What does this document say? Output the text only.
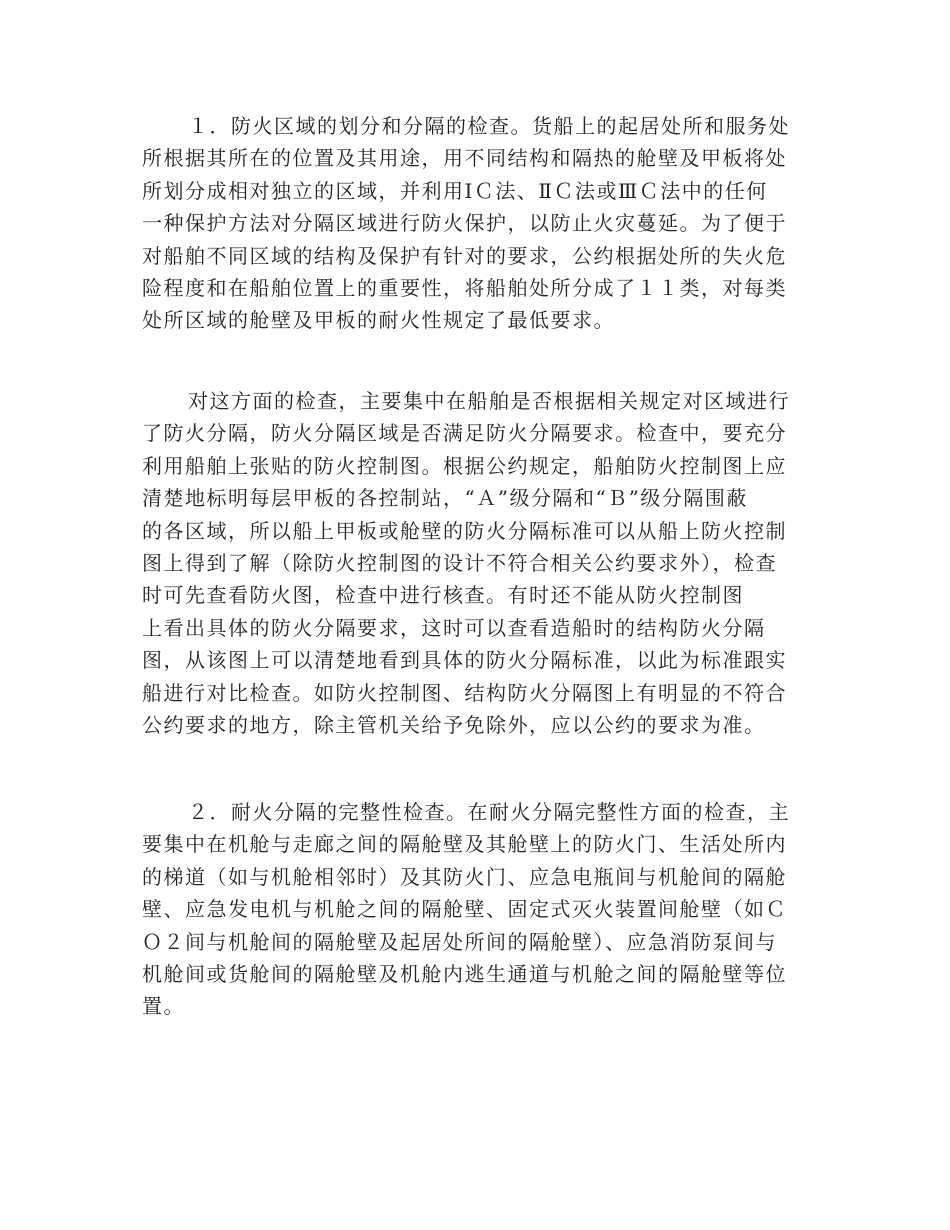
１．防火区域的划分和分隔的检查。货船上的起居处所和服务处
所根据其所在的位置及其用途，用不同结构和隔热的舱壁及甲板将处
所划分成相对独立的区域，并利用ⅠＣ法、ⅡＣ法或ⅢＣ法中的任何
一种保护方法对分隔区域进行防火保护，以防止火灾蔓延。为了便于
对船舶不同区域的结构及保护有针对的要求，公约根据处所的失火危
险程度和在船舶位置上的重要性，将船舶处所分成了１１类，对每类
处所区域的舱壁及甲板的耐火性规定了最低要求。
对这方面的检查，主要集中在船舶是否根据相关规定对区域进行
了防火分隔，防火分隔区域是否满足防火分隔要求。检查中，要充分
利用船舶上张贴的防火控制图。根据公约规定，船舶防火控制图上应
清楚地标明每层甲板的各控制站，“Ａ”级分隔和“Ｂ”级分隔围蔽
的各区域，所以船上甲板或舱壁的防火分隔标准可以从船上防火控制
图上得到了解（除防火控制图的设计不符合相关公约要求外），检查
时可先查看防火图，检查中进行核查。有时还不能从防火控制图
上看出具体的防火分隔要求，这时可以查看造船时的结构防火分隔
图，从该图上可以清楚地看到具体的防火分隔标准，以此为标准跟实
船进行对比检查。如防火控制图、结构防火分隔图上有明显的不符合
公约要求的地方，除主管机关给予免除外，应以公约的要求为准。
２．耐火分隔的完整性检查。在耐火分隔完整性方面的检查，主
要集中在机舱与走廊之间的隔舱壁及其舱壁上的防火门、生活处所内
的梯道（如与机舱相邻时）及其防火门、应急电瓶间与机舱间的隔舱
壁、应急发电机与机舱之间的隔舱壁、固定式灭火装置间舱壁（如Ｃ
Ｏ２间与机舱间的隔舱壁及起居处所间的隔舱壁）、应急消防泵间与
机舱间或货舱间的隔舱壁及机舱内逃生通道与机舱之间的隔舱壁等位
置。
